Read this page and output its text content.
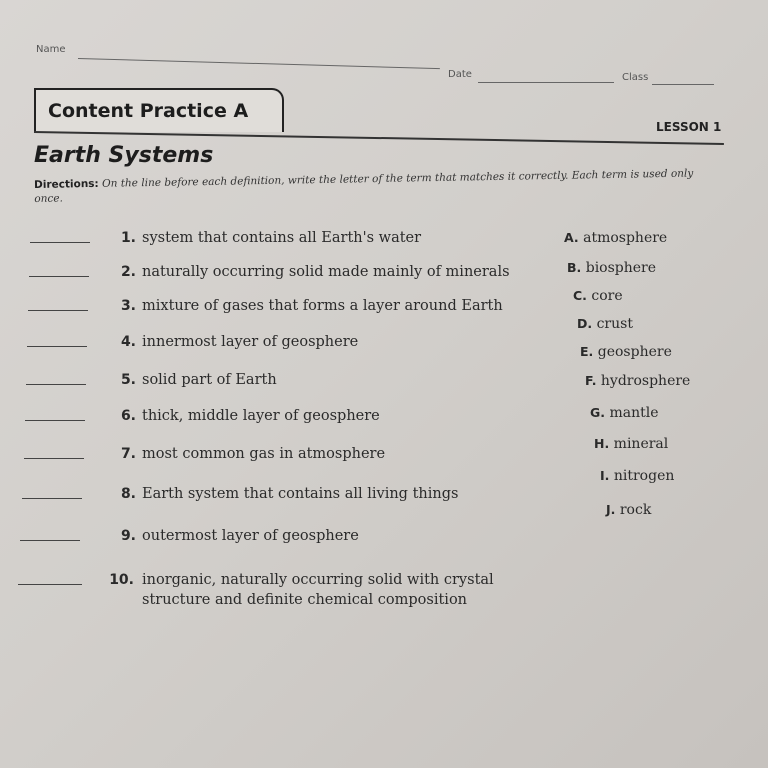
Name
Date	Class
Content Practice A
LESSON 1
Earth Systems
Directions: On the line before each definition, write the letter of the term that matches it correctly. Each term is used only once.
1. system that contains all Earth's water
2. naturally occurring solid made mainly of minerals
3. mixture of gases that forms a layer around Earth
4. innermost layer of geosphere
5. solid part of Earth
6. thick, middle layer of geosphere
7. most common gas in atmosphere
8. Earth system that contains all living things
9. outermost layer of geosphere
10. inorganic, naturally occurring solid with crystal
structure and definite chemical composition
A. atmosphere
B. biosphere
C. core
D. crust
E. geosphere
F. hydrosphere
G. mantle
H. mineral
I. nitrogen
J. rock
